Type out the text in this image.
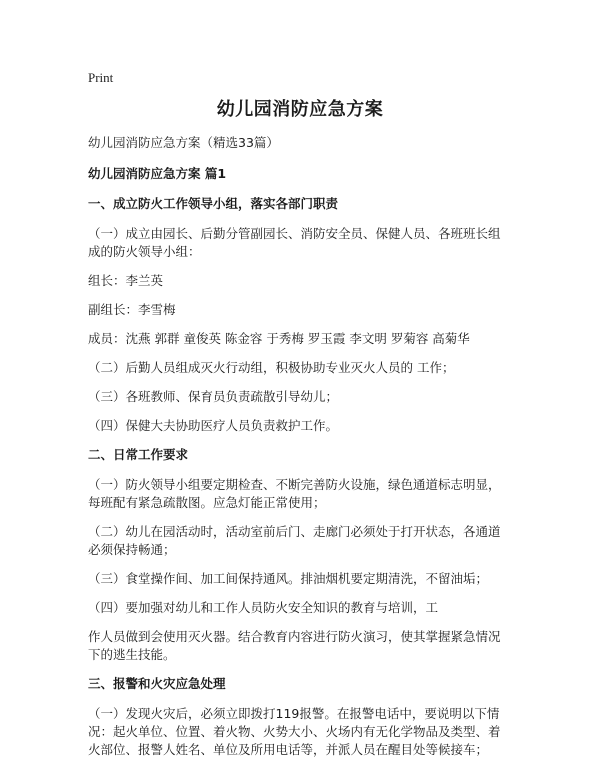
Print
幼儿园消防应急方案
幼儿园消防应急方案（精选33篇）
幼儿园消防应急方案 篇1
一、成立防火工作领导小组，落实各部门职责
（一）成立由园长、后勤分管副园长、消防安全员、保健人员、各班班长组成的防火领导小组：
组长：李兰英
副组长：李雪梅
成员：沈燕 郭群 童俊英 陈金容 于秀梅 罗玉霞 李文明 罗菊容 高菊华
（二）后勤人员组成灭火行动组，积极协助专业灭火人员的 工作；
（三）各班教师、保育员负责疏散引导幼儿；
（四）保健大夫协助医疗人员负责救护工作。
二、日常工作要求
（一）防火领导小组要定期检查、不断完善防火设施，绿色通道标志明显，每班配有紧急疏散图。应急灯能正常使用；
（二）幼儿在园活动时，活动室前后门、走廊门必须处于打开状态，各通道必须保持畅通；
（三）食堂操作间、加工间保持通风。排油烟机要定期清洗，不留油垢；
（四）要加强对幼儿和工作人员防火安全知识的教育与培训，工
作人员做到会使用灭火器。结合教育内容进行防火演习，使其掌握紧急情况下的逃生技能。
三、报警和火灾应急处理
（一）发现火灾后，必须立即拨打119报警。在报警电话中，要说明以下情况：起火单位、位置、着火物、火势大小、火场内有无化学物品及类型、着火部位、报警人姓名、单位及所用电话等，并派人员在醒目处等候接车；
